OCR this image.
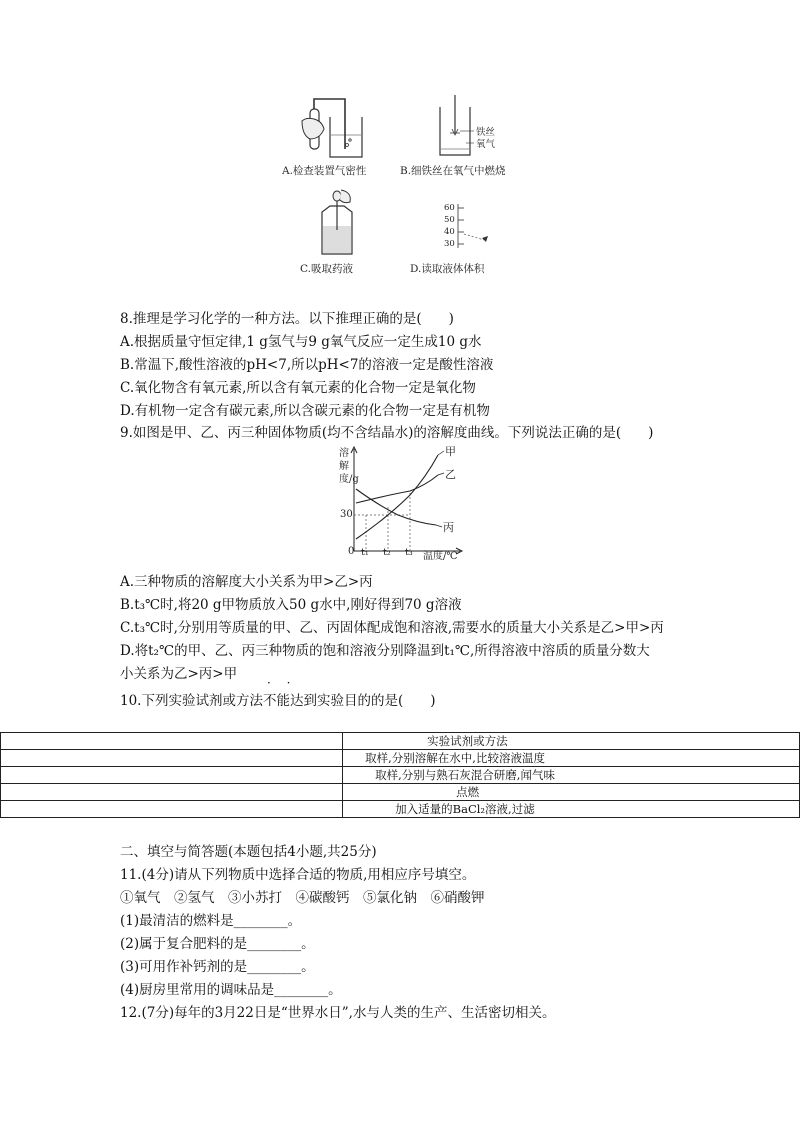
A.检查装置气密性
铁丝
氧气
B.细铁丝在氧气中燃烧
C.吸取药液
60
50
40
30
D.读取液体体积
8.推理是学习化学的一种方法。以下推理正确的是(　　)
A.根据质量守恒定律,1 g氢气与9 g氧气反应一定生成10 g水
B.常温下,酸性溶液的pH<7,所以pH<7的溶液一定是酸性溶液
C.氧化物含有氧元素,所以含有氧元素的化合物一定是氧化物
D.有机物一定含有碳元素,所以含碳元素的化合物一定是有机物
9.如图是甲、乙、丙三种固体物质(均不含结晶水)的溶解度曲线。下列说法正确的是(　　)
溶解度/g
30
0 t₁ t₂ t₃ 温度/℃
甲
乙
丙
A.三种物质的溶解度大小关系为甲>乙>丙
B.t₃℃时,将20 g甲物质放入50 g水中,刚好得到70 g溶液
C.t₃℃时,分别用等质量的甲、乙、丙固体配成饱和溶液,需要水的质量大小关系是乙>甲>丙
D.将t₂℃的甲、乙、丙三种物质的饱和溶液分别降温到t₁℃,所得溶液中溶质的质量分数大
小关系为乙>丙>甲
· ·
10.下列实验试剂或方法不能达到实验目的的是(　　)
	实验试剂或方法
	取样,分别溶解在水中,比较溶液温度
	取样,分别与熟石灰混合研磨,闻气味
	点燃
	加入适量的BaCl₂溶液,过滤
二、填空与简答题(本题包括4小题,共25分)
11.(4分)请从下列物质中选择合适的物质,用相应序号填空。
①氧气　②氢气　③小苏打　④碳酸钙　⑤氯化钠　⑥硝酸钾
(1)最清洁的燃料是________。
(2)属于复合肥料的是________。
(3)可用作补钙剂的是________。
(4)厨房里常用的调味品是________。
12.(7分)每年的3月22日是“世界水日”,水与人类的生产、生活密切相关。
